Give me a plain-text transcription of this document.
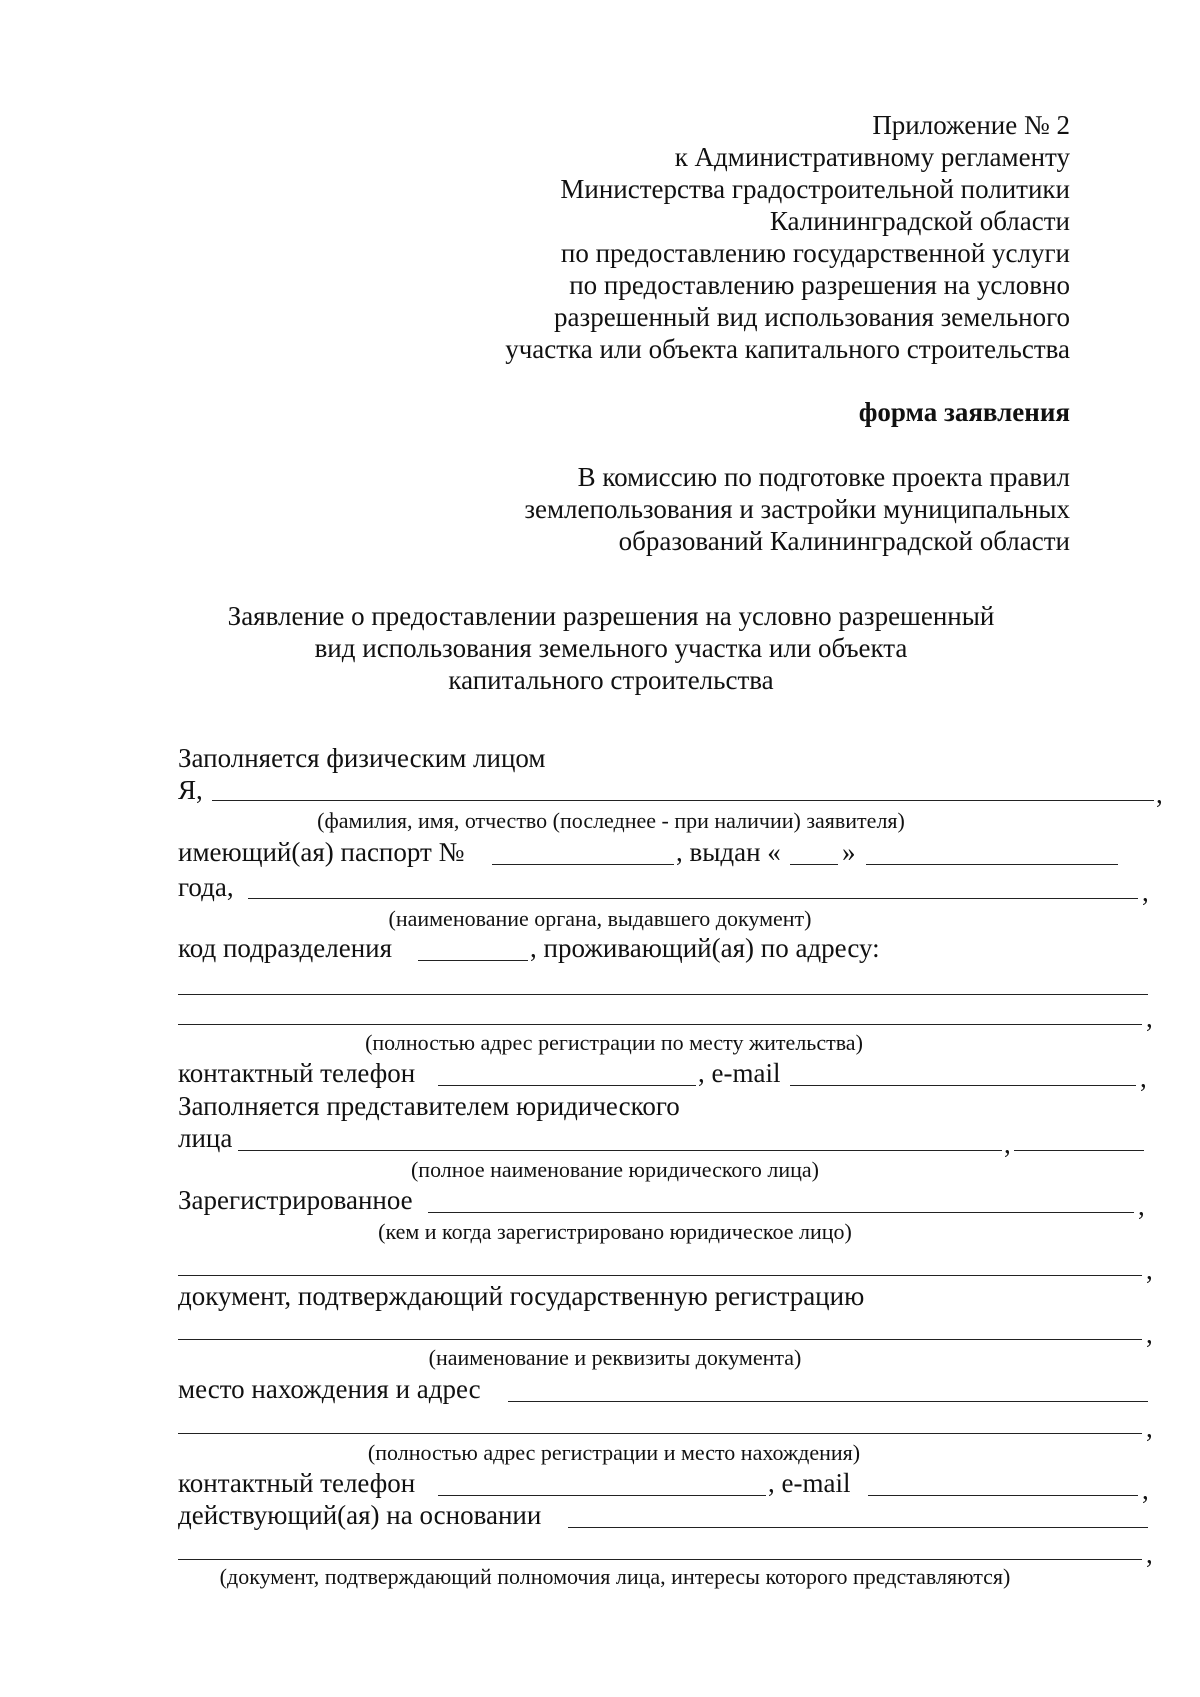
Приложение № 2
к Административному регламенту
Министерства градостроительной политики
Калининградской области
по предоставлению государственной услуги
по предоставлению разрешения на условно
разрешенный вид использования земельного
участка или объекта капитального строительства
форма заявления
В комиссию по подготовке проекта правил
землепользования и застройки муниципальных
образований Калининградской области
Заявление о предоставлении разрешения на условно разрешенный
вид использования земельного участка или объекта
капитального строительства
Заполняется физическим лицом
Я,	,
(фамилия, имя, отчество (последнее - при наличии) заявителя)
имеющий(ая) паспорт №	, выдан « »
года,	,
(наименование органа, выдавшего документ)
код подразделения	, проживающий(ая) по адресу:
,
(полностью адрес регистрации по месту жительства)
контактный телефон	, e-mail	,
Заполняется представителем юридического
лица	,
(полное наименование юридического лица)
Зарегистрированное	,
(кем и когда зарегистрировано юридическое лицо)
,
документ, подтверждающий государственную регистрацию
,
(наименование и реквизиты документа)
место нахождения и адрес
,
(полностью адрес регистрации и место нахождения)
контактный телефон	, e-mail	,
действующий(ая) на основании
,
(документ, подтверждающий полномочия лица, интересы которого представляются)
